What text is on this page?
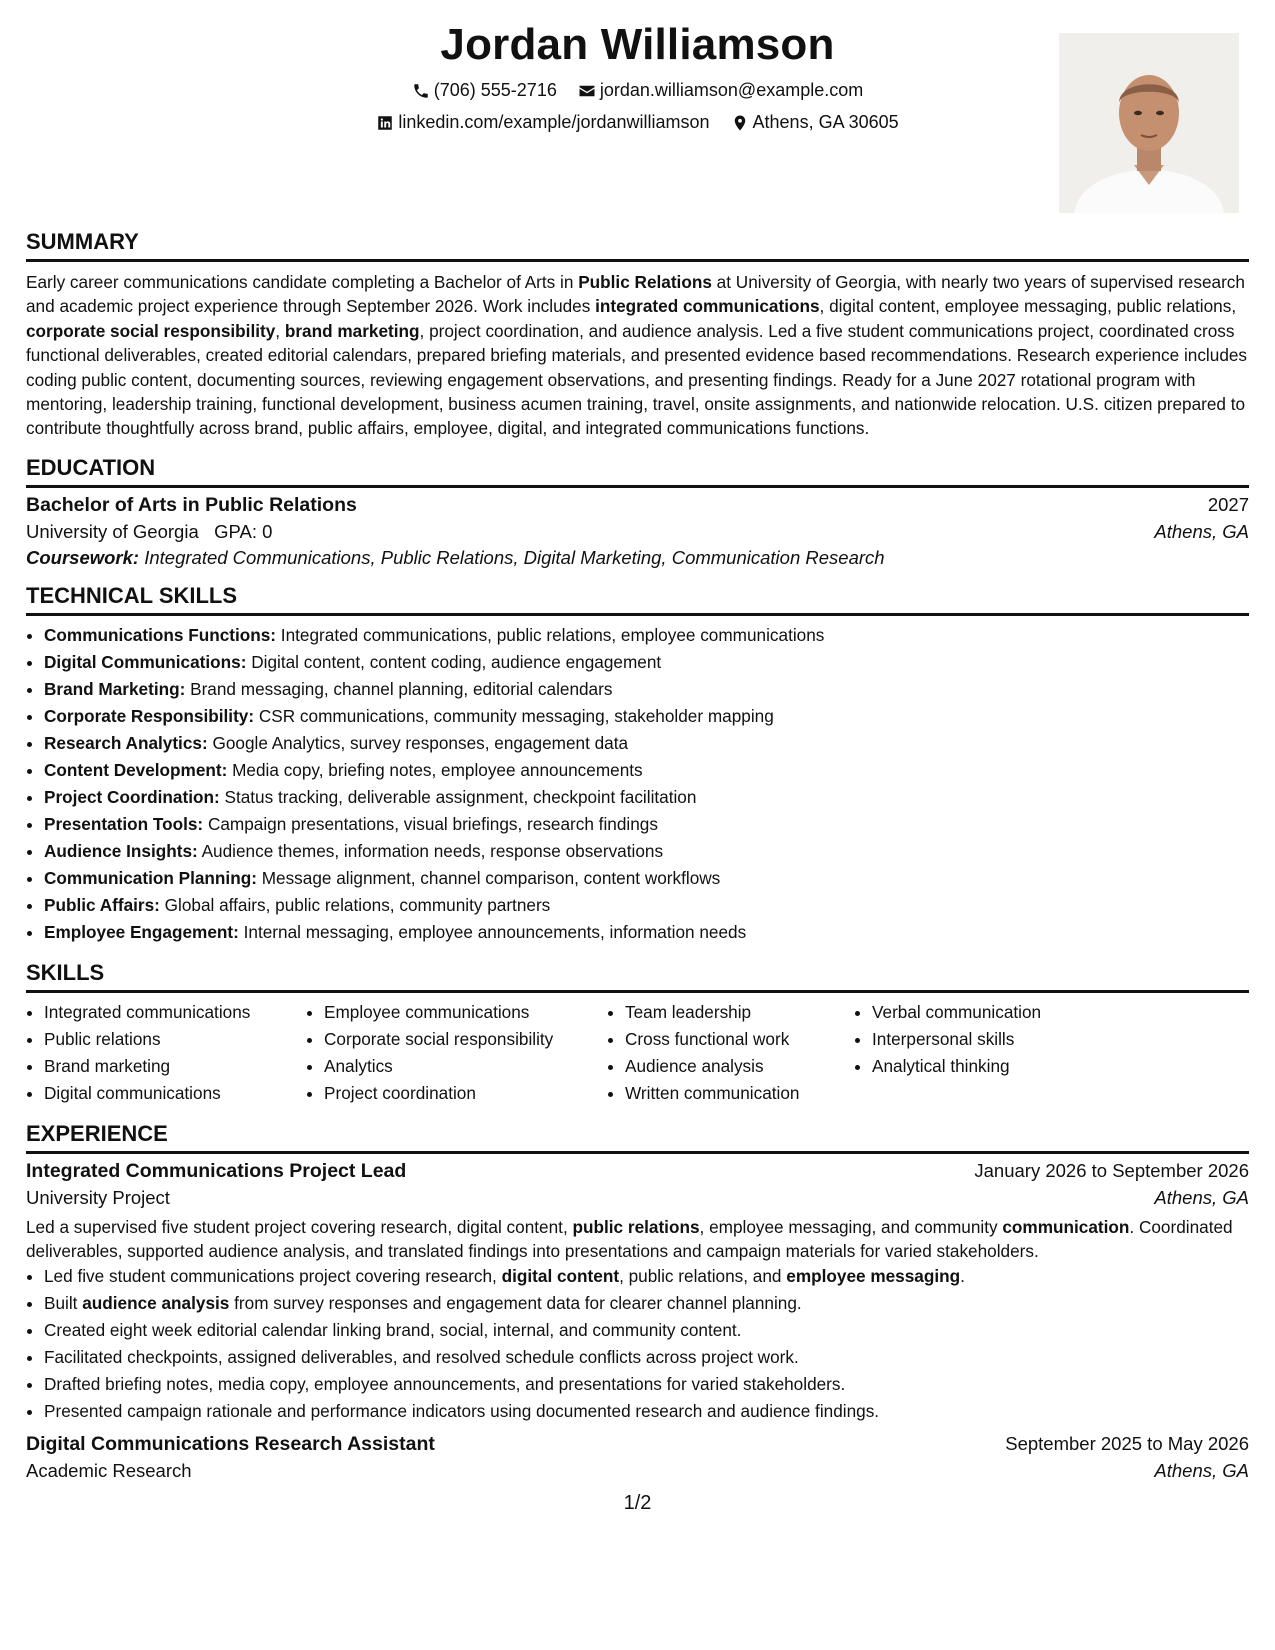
Jordan Williamson
(706) 555-2716
jordan.williamson@example.com
linkedin.com/example/jordanwilliamson
Athens, GA 30605
SUMMARY

Early career communications candidate completing a Bachelor of Arts in Public Relations at University of Georgia, with nearly two years of supervised research and academic project experience through September 2026. Work includes integrated communications, digital content, employee messaging, public relations, corporate social responsibility, brand marketing, project coordination, and audience analysis. Led a five student communications project, coordinated cross functional deliverables, created editorial calendars, prepared briefing materials, and presented evidence based recommendations. Research experience includes coding public content, documenting sources, reviewing engagement observations, and presenting findings. Ready for a June 2027 rotational program with mentoring, leadership training, functional development, business acumen training, travel, onsite assignments, and nationwide relocation. U.S. citizen prepared to contribute thoughtfully across brand, public affairs, employee, digital, and integrated communications functions.

EDUCATION
Bachelor of Arts in Public Relations	2027
University of Georgia GPA: 0	Athens, GA
Coursework: Integrated Communications, Public Relations, Digital Marketing, Communication Research
TECHNICAL SKILLS
• Communications Functions: Integrated communications, public relations, employee communications
• Digital Communications: Digital content, content coding, audience engagement
• Brand Marketing: Brand messaging, channel planning, editorial calendars
• Corporate Responsibility: CSR communications, community messaging, stakeholder mapping
• Research Analytics: Google Analytics, survey responses, engagement data
• Content Development: Media copy, briefing notes, employee announcements
• Project Coordination: Status tracking, deliverable assignment, checkpoint facilitation
• Presentation Tools: Campaign presentations, visual briefings, research findings
• Audience Insights: Audience themes, information needs, response observations
• Communication Planning: Message alignment, channel comparison, content workflows
• Public Affairs: Global affairs, public relations, community partners
• Employee Engagement: Internal messaging, employee announcements, information needs
SKILLS
• Integrated communications
• Public relations
• Brand marketing
• Digital communications
• Employee communications
• Corporate social responsibility
• Analytics
• Project coordination
• Team leadership
• Cross functional work
• Audience analysis
• Written communication
• Verbal communication
• Interpersonal skills
• Analytical thinking
EXPERIENCE
Integrated Communications Project Lead	January 2026 to September 2026
University Project	Athens, GA

Led a supervised five student project covering research, digital content, public relations, employee messaging, and community communication. Coordinated deliverables, supported audience analysis, and translated findings into presentations and campaign materials for varied stakeholders.

• Led five student communications project covering research, digital content, public relations, and employee messaging.
• Built audience analysis from survey responses and engagement data for clearer channel planning.
• Created eight week editorial calendar linking brand, social, internal, and community content.
• Facilitated checkpoints, assigned deliverables, and resolved schedule conflicts across project work.
• Drafted briefing notes, media copy, employee announcements, and presentations for varied stakeholders.
• Presented campaign rationale and performance indicators using documented research and audience findings.
Digital Communications Research Assistant	September 2025 to May 2026
Academic Research	Athens, GA
1/2
